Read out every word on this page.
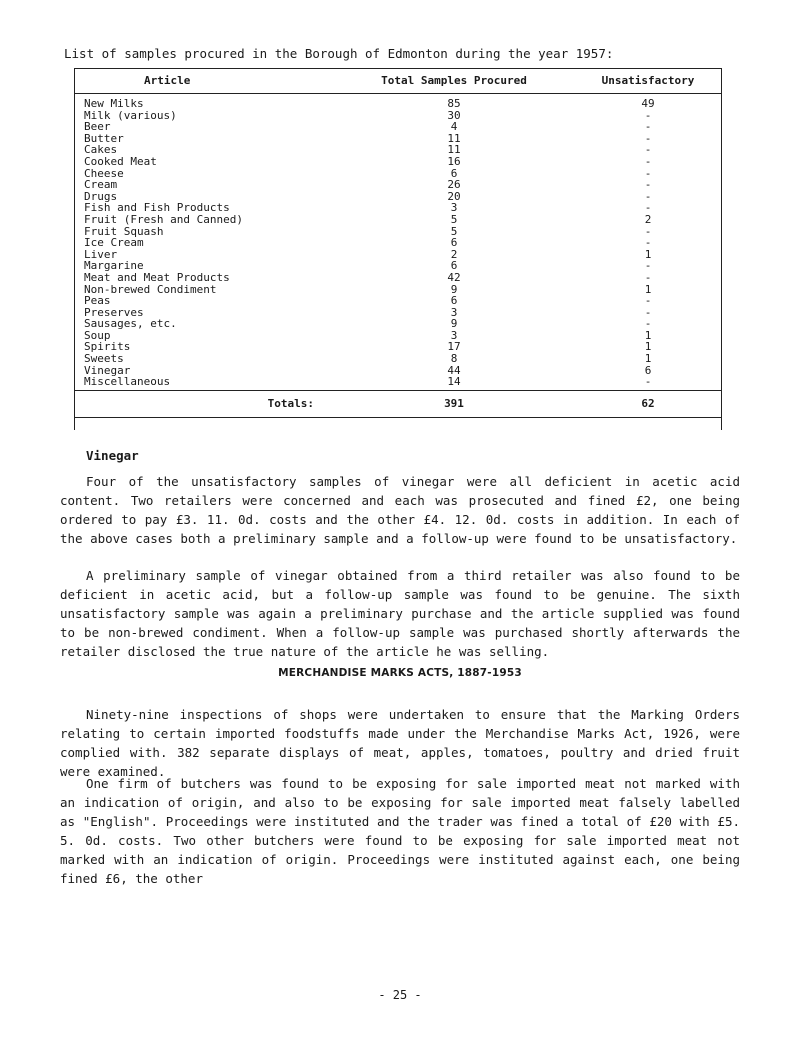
List of samples procured in the Borough of Edmonton during the year 1957:
Article	Total Samples Procured	Unsatisfactory
New Milks	85	49
Milk (various)	30	-
Beer	4	-
Butter	11	-
Cakes	11	-
Cooked Meat	16	-
Cheese	6	-
Cream	26	-
Drugs	20	-
Fish and Fish Products	3	-
Fruit (Fresh and Canned)	5	2
Fruit Squash	5	-
Ice Cream	6	-
Liver	2	1
Margarine	6	-
Meat and Meat Products	42	-
Non-brewed Condiment	9	1
Peas	6	-
Preserves	3	-
Sausages, etc.	9	-
Soup	3	1
Spirits	17	1
Sweets	8	1
Vinegar	44	6
Miscellaneous	14	-
Totals:	391	62
Vinegar
Four of the unsatisfactory samples of vinegar were all deficient in acetic acid content. Two retailers were concerned and each was prosecuted and fined £2, one being ordered to pay £3. 11. 0d. costs and the other £4. 12. 0d. costs in addition. In each of the above cases both a preliminary sample and a follow-up were found to be unsatisfactory.
A preliminary sample of vinegar obtained from a third retailer was also found to be deficient in acetic acid, but a follow-up sample was found to be genuine. The sixth unsatisfactory sample was again a preliminary purchase and the article supplied was found to be non-brewed condiment. When a follow-up sample was purchased shortly afterwards the retailer disclosed the true nature of the article he was selling.
MERCHANDISE MARKS ACTS, 1887-1953
Ninety-nine inspections of shops were undertaken to ensure that the Marking Orders relating to certain imported foodstuffs made under the Merchandise Marks Act, 1926, were complied with. 382 separate displays of meat, apples, tomatoes, poultry and dried fruit were examined.
One firm of butchers was found to be exposing for sale imported meat not marked with an indication of origin, and also to be exposing for sale imported meat falsely labelled as "English". Proceedings were instituted and the trader was fined a total of £20 with £5. 5. 0d. costs. Two other butchers were found to be exposing for sale imported meat not marked with an indication of origin. Proceedings were instituted against each, one being fined £6, the other
- 25 -
